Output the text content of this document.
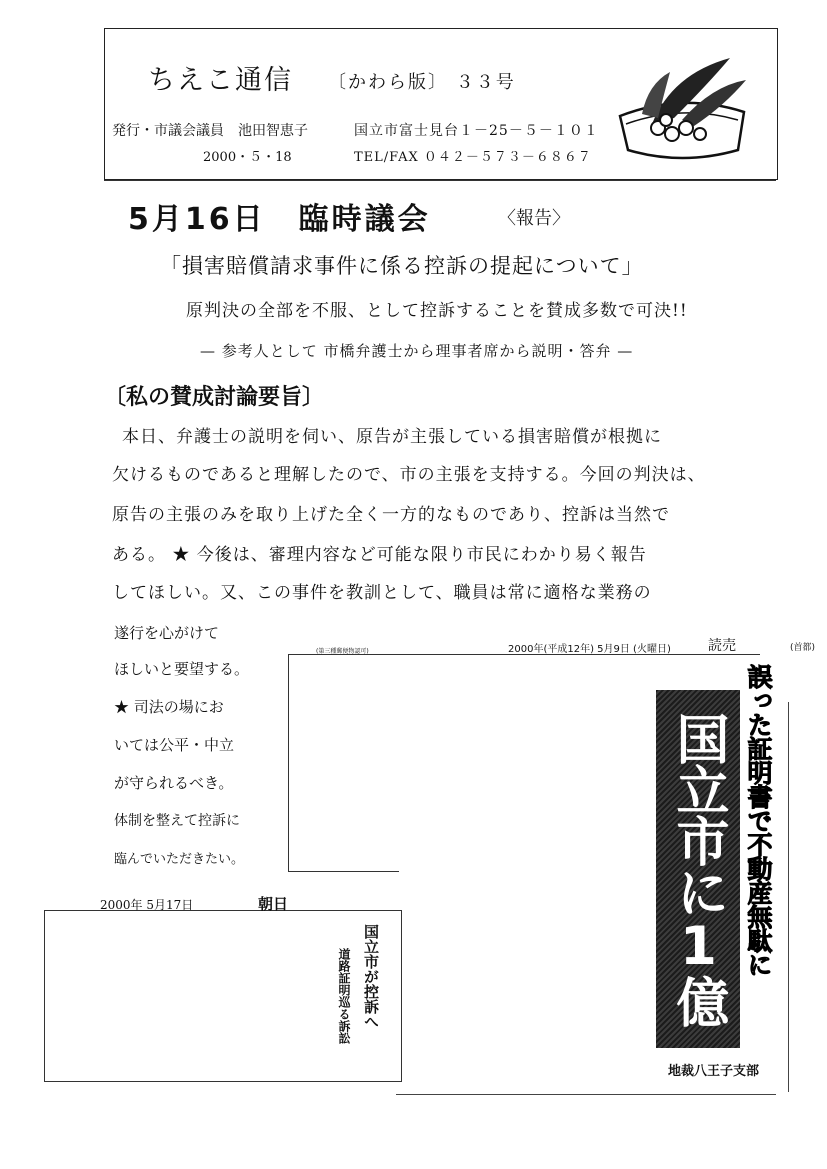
ちえこ通信 〔かわら版〕 ３３号
発行・市議会議員　池田智恵子	国立市富士見台１－25－５－１０１
2000・５・18	TEL/FAX ０４２－５７３－６８６７
5月16日　臨時議会	〈報告〉
「損害賠償請求事件に係る控訴の提起について」
原判決の全部を不服、として控訴することを賛成多数で可決!!
— 参考人として 市橋弁護士から理事者席から説明・答弁 —
〔私の賛成討論要旨〕
本日、弁護士の説明を伺い、原告が主張している損害賠償が根拠に
欠けるものであると理解したので、市の主張を支持する。今回の判決は、
原告の主張のみを取り上げた全く一方的なものであり、控訴は当然で
ある。 ★ 今後は、審理内容など可能な限り市民にわかり易く報告
してほしい。又、この事件を教訓として、職員は常に適格な業務の
遂行を心がけて
ほしいと要望する。
★ 司法の場にお
いては公平・中立
が守られるべき。
体制を整えて控訴に
臨んでいただきたい。
(第三種郵便物認可)	2000年(平成12年) 5月9日 (火曜日)	読売	(首都)
国立市に1億賠償命令	誤った証明書で不動産無駄に
地裁八王子支部
2000年 5月17日	朝日
国立市が控訴へ
道路証明巡る訴訟
